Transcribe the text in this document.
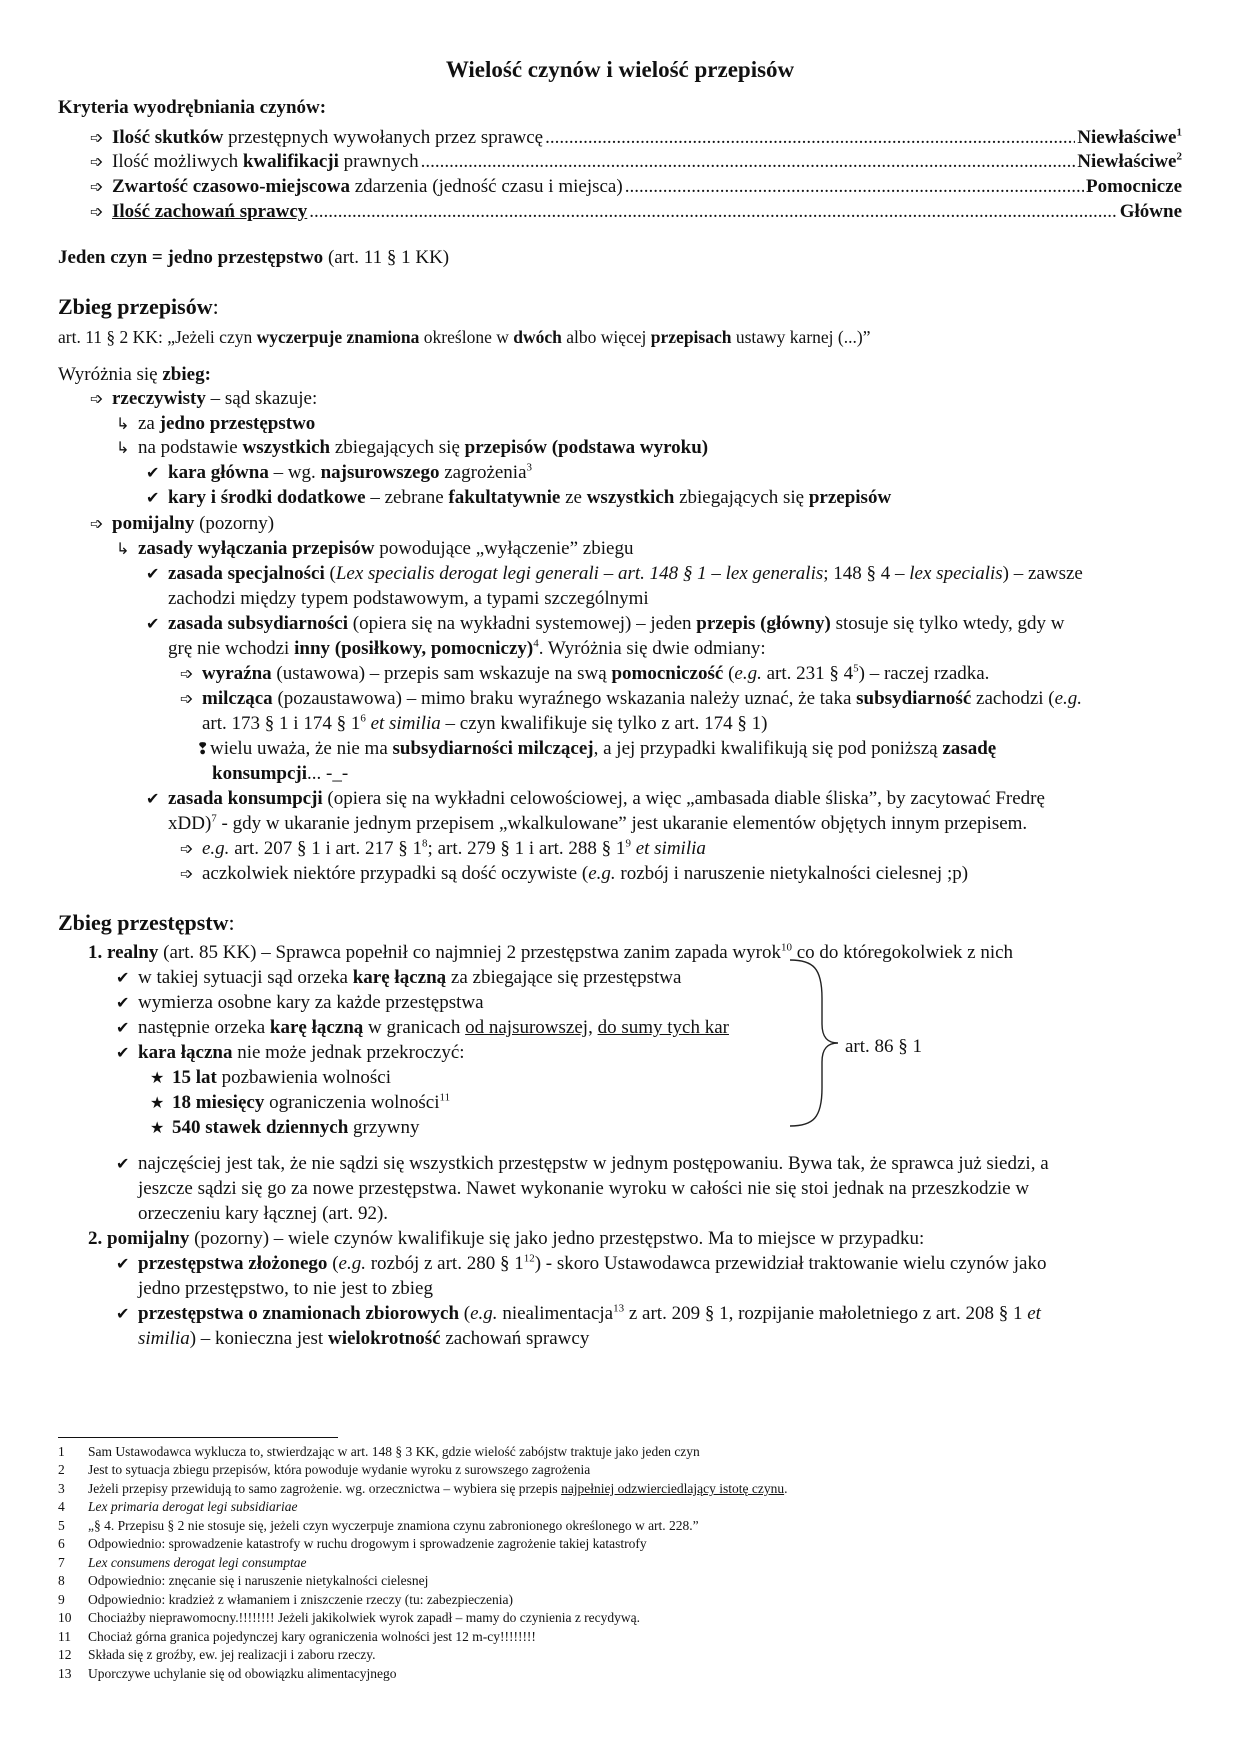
Wielość czynów i wielość przepisów
Kryteria wyodrębniania czynów:
➩ Ilość skutków przestępnych wywołanych przez sprawcę .....	Niewłaściwe$^1$
➩ Ilość możliwych kwalifikacji prawnych .....	Niewłaściwe$^2$
➩ Zwartość czasowo-miejscowa zdarzenia (jedność czasu i miejsca) .....	Pomocnicze
➩ Ilość zachowań sprawcy .....	Główne
Jeden czyn = jedno przestępstwo (art. 11 § 1 KK)
Zbieg przepisów:
art. 11 § 2 KK: „Jeżeli czyn wyczerpuje znamiona określone w dwóch albo więcej przepisach ustawy karnej (...)”
Wyróżnia się zbieg:
➩ rzeczywisty – sąd skazuje:
↳ za jedno przestępstwo
↳ na podstawie wszystkich zbiegających się przepisów (podstawa wyroku)
✔ kara główna – wg. najsurowszego zagrożenia$^3$
✔ kary i środki dodatkowe – zebrane fakultatywnie ze wszystkich zbiegających się przepisów
➩ pomijalny (pozorny)
↳ zasady wyłączania przepisów powodujące „wyłączenie” zbiegu
✔ zasada specjalności (Lex specialis derogat legi generali – art. 148 § 1 – lex generalis; 148 § 4 – lex specialis) – zawsze
zachodzi między typem podstawowym, a typami szczególnymi
✔ zasada subsydiarności (opiera się na wykładni systemowej) – jeden przepis (główny) stosuje się tylko wtedy, gdy w
grę nie wchodzi inny (posiłkowy, pomocniczy)$^4$. Wyróżnia się dwie odmiany:
➩ wyraźna (ustawowa) – przepis sam wskazuje na swą pomocniczość (e.g. art. 231 § $4^5$) – raczej rzadka.
➩ milcząca (pozaustawowa) – mimo braku wyraźnego wskazania należy uznać, że taka subsydiarność zachodzi (e.g.
art. 173 § 1 i 174 § $1^6$ et similia – czyn kwalifikuje się tylko z art. 174 § 1)
❢wielu uważa, że nie ma subsydiarności milczącej, a jej przypadki kwalifikują się pod poniższą zasadę
konsumpcji... -_-
✔ zasada konsumpcji (opiera się na wykładni celowościowej, a więc „ambasada diable śliska”, by zacytować Fredrę
xDD)$^7$ - gdy w ukaranie jednym przepisem „wkalkulowane” jest ukaranie elementów objętych innym przepisem.
➩ e.g. art. 207 § 1 i art. 217 § $1^8$; art. 279 § 1 i art. 288 § $1^9$ et similia
➩ aczkolwiek niektóre przypadki są dość oczywiste (e.g. rozbój i naruszenie nietykalności cielesnej ;p)
Zbieg przestępstw:
1. realny (art. 85 KK) – Sprawca popełnił co najmniej 2 przestępstwa zanim zapada wyrok$^{10}$ co do któregokolwiek z nich
✔ w takiej sytuacji sąd orzeka karę łączną za zbiegające się przestępstwa
✔ wymierza osobne kary za każde przestępstwa
✔ następnie orzeka karę łączną w granicach od najsurowszej, do sumy tych kar
✔ kara łączna nie może jednak przekroczyć:
★ 15 lat pozbawienia wolności
★ 18 miesięcy ograniczenia wolności$^{11}$
★ 540 stawek dziennych grzywny
art. 86 § 1
✔ najczęściej jest tak, że nie sądzi się wszystkich przestępstw w jednym postępowaniu. Bywa tak, że sprawca już siedzi, a
jeszcze sądzi się go za nowe przestępstwa. Nawet wykonanie wyroku w całości nie się stoi jednak na przeszkodzie w
orzeczeniu kary łącznej (art. 92).
2. pomijalny (pozorny) – wiele czynów kwalifikuje się jako jedno przestępstwo. Ma to miejsce w przypadku:
✔ przestępstwa złożonego (e.g. rozbój z art. 280 § $1^{12}$) - skoro Ustawodawca przewidział traktowanie wielu czynów jako
jedno przestępstwo, to nie jest to zbieg
✔ przestępstwa o znamionach zbiorowych (e.g. niealimentacja$^{13}$ z art. 209 § 1, rozpijanie małoletniego z art. 208 § 1 et
similia) – konieczna jest wielokrotność zachowań sprawcy
1 Sam Ustawodawca wyklucza to, stwierdzając w art. 148 § 3 KK, gdzie wielość zabójstw traktuje jako jeden czyn
2 Jest to sytuacja zbiegu przepisów, która powoduje wydanie wyroku z surowszego zagrożenia
3 Jeżeli przepisy przewidują to samo zagrożenie. wg. orzecznictwa – wybiera się przepis najpełniej odzwierciedlający istotę czynu.
4 Lex primaria derogat legi subsidiariae
5 „§ 4. Przepisu § 2 nie stosuje się, jeżeli czyn wyczerpuje znamiona czynu zabronionego określonego w art. 228.”
6 Odpowiednio: sprowadzenie katastrofy w ruchu drogowym i sprowadzenie zagrożenie takiej katastrofy
7 Lex consumens derogat legi consumptae
8 Odpowiednio: znęcanie się i naruszenie nietykalności cielesnej
9 Odpowiednio: kradzież z włamaniem i zniszczenie rzeczy (tu: zabezpieczenia)
10 Chociażby nieprawomocny.!!!!!!!! Jeżeli jakikolwiek wyrok zapadł – mamy do czynienia z recydywą.
11 Chociaż górna granica pojedynczej kary ograniczenia wolności jest 12 m-cy!!!!!!!!
12 Składa się z groźby, ew. jej realizacji i zaboru rzeczy.
13 Uporczywe uchylanie się od obowiązku alimentacyjnego
